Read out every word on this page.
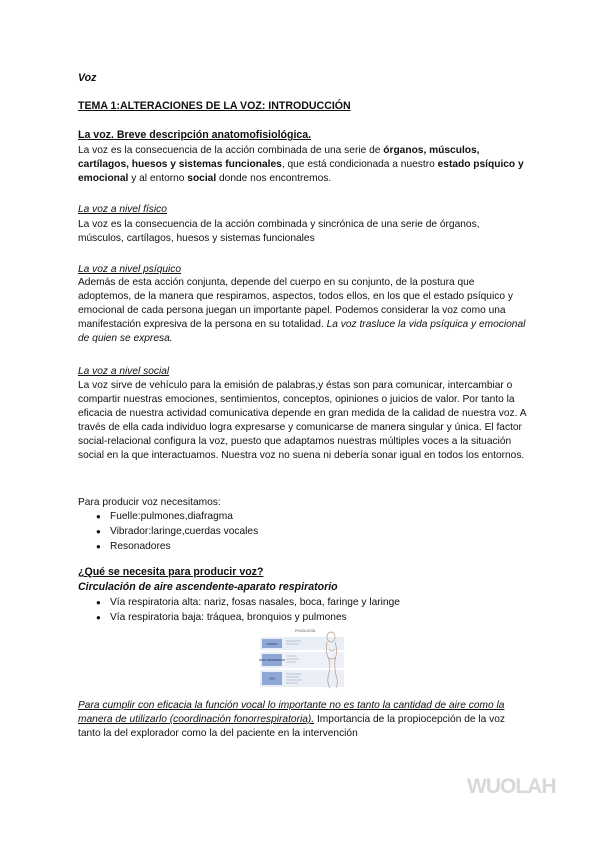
Voz
TEMA 1:ALTERACIONES DE LA VOZ: INTRODUCCIÓN
La voz. Breve descripción anatomofisiológica.
La voz es la consecuencia de la acción combinada de una serie de órganos, músculos, cartílagos, huesos y sistemas funcionales, que está condicionada a nuestro estado psíquico y emocional y al entorno social donde nos encontremos.
La voz a nivel físico
La voz es la consecuencia de la acción combinada y sincrónica de una serie de órganos, músculos, cartílagos, huesos y sistemas funcionales
La voz a nivel psíquico
Además de esta acción conjunta, depende del cuerpo en su conjunto, de la postura que adoptemos, de la manera que respiramos, aspectos, todos ellos, en los que el estado psíquico y emocional de cada persona juegan un importante papel. Podemos considerar la voz como una manifestación expresiva de la persona en su totalidad. La voz trasluce la vida psíquica y emocional de quien se expresa.
La voz a nivel social
La voz sirve de vehículo para la emisión de palabras,y éstas son para comunicar, intercambiar o compartir nuestras emociones, sentimientos, conceptos, opiniones o juicios de valor. Por tanto la eficacia de nuestra actividad comunicativa depende en gran medida de la calidad de nuestra voz. A través de ella cada individuo logra expresarse y comunicarse de manera singular y única. El factor social-relacional configura la voz, puesto que adaptamos nuestras múltiples voces a la situación social en la que interactuamos. Nuestra voz no suena ni debería sonar igual en todos los entornos.
Para producir voz necesitamos:
● Fuelle:pulmones,diafragma
● Vibrador:laringe,cuerdas vocales
● Resonadores
¿Qué se necesita para producir voz?
Circulación de aire ascendente-aparato respiratorio
● Vía respiratoria alta: nariz, fosas nasales, boca, faringe y laringe
● Vía respiratoria baja: tráquea, bronquios y pulmones
FISIOLOGÍA
FUENTE
MARCO RESPIRATORIO
VÍAS
Para cumplir con eficacia la función vocal lo importante no es tanto la cantidad de aire como la manera de utilizarlo (coordinación fonorrespiratoria). Importancia de la propiocepción de la voz tanto la del explorador como la del paciente en la intervención
WUOLAH
